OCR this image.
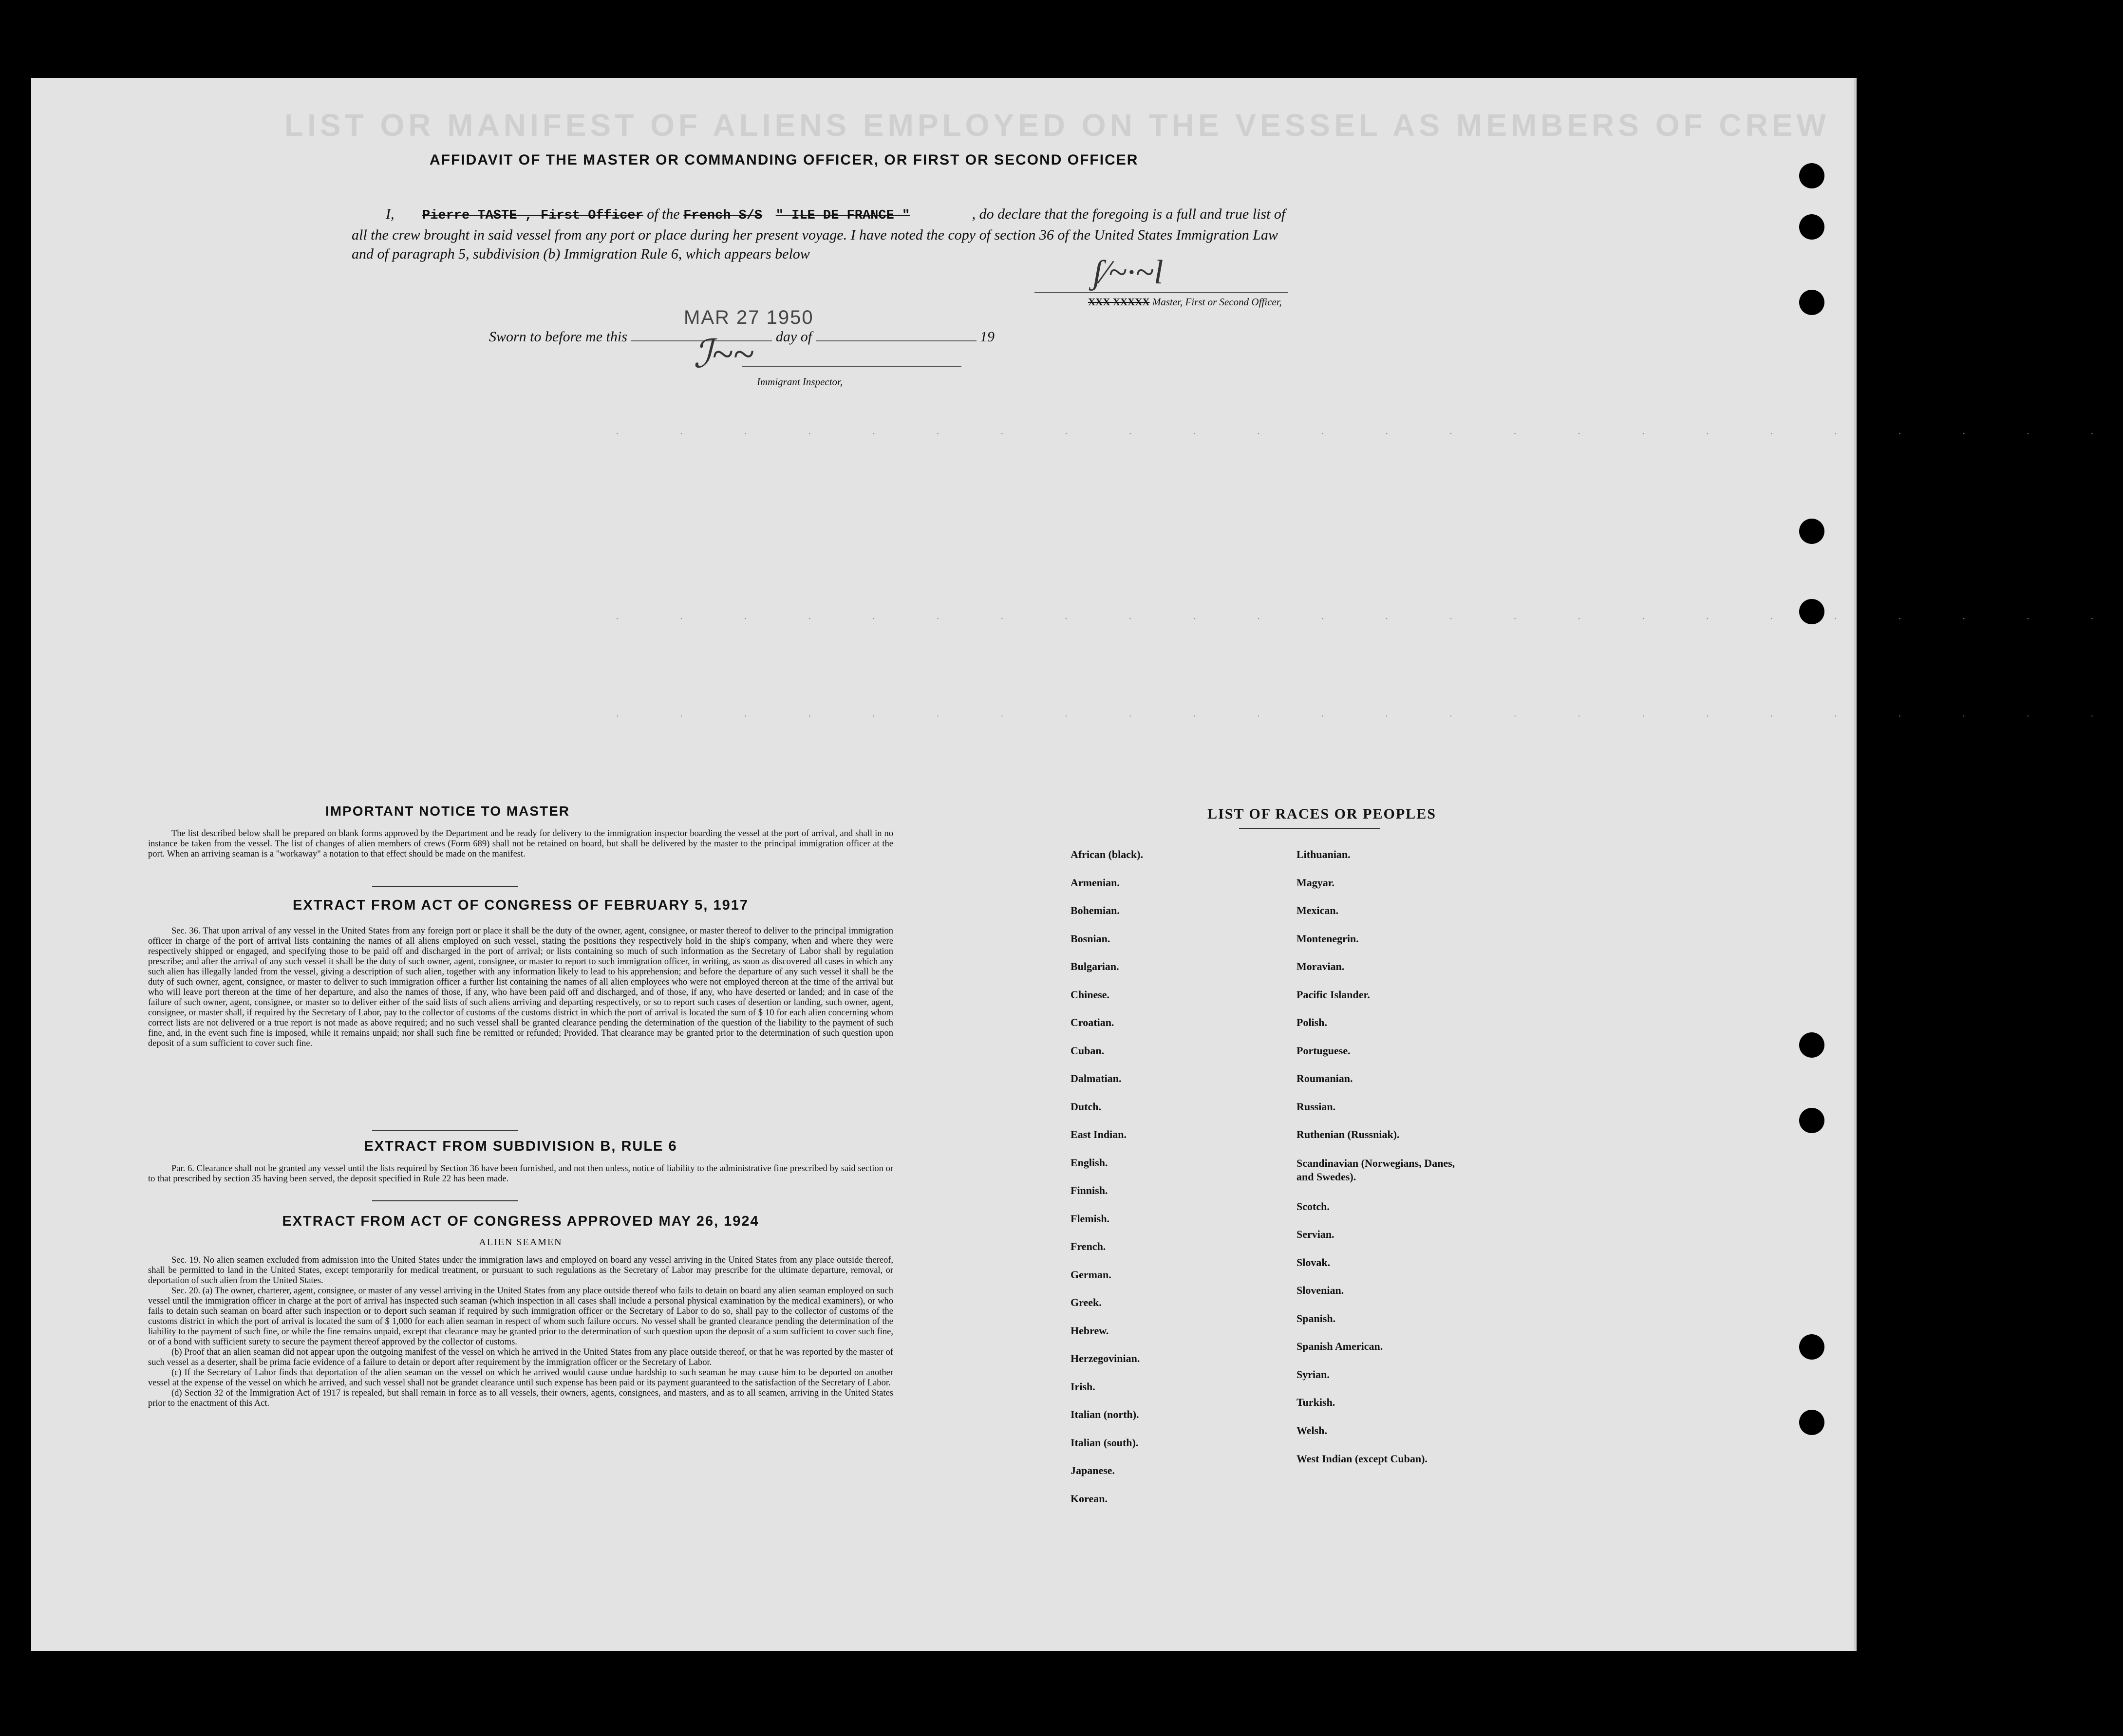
LIST OR MANIFEST OF ALIENS EMPLOYED ON THE VESSEL AS MEMBERS OF CREW
· · · · · · · · · · · · · · · · · · · · · · · ·
· · · · · · · · · · · · · · · · · · · · · · · ·
· · · · · · · · · · · · · · · · · · · · · · · ·
AFFIDAVIT OF THE MASTER OR COMMANDING OFFICER, OR FIRST OR SECOND OFFICER
I, Pierre TASTE , First Officer of the French S/S " ILE DE FRANCE "	, do declare that the foregoing is a full and true list of all the crew brought in said vessel from any port or place during her present voyage. I have noted the copy of section 36 of the United States Immigration Law and of paragraph 5, subdivision (b) Immigration Rule 6, which appears below	ʃ⁄~·~l
XXX XXXXX Master, First or Second Officer,
MAR 27 1950
Sworn to before me this	day of	19
ℐ~~
Immigrant Inspector,
IMPORTANT NOTICE TO MASTER

The list described below shall be prepared on blank forms approved by the Department and be ready for delivery to the immigration inspector boarding the vessel at the port of arrival, and shall in no instance be taken from the vessel. The list of changes of alien members of crews (Form 689) shall not be retained on board, but shall be delivered by the master to the principal immigration officer at the port. When an arriving seaman is a "workaway" a notation to that effect should be made on the manifest.

EXTRACT FROM ACT OF CONGRESS OF FEBRUARY 5, 1917

Sec. 36. That upon arrival of any vessel in the United States from any foreign port or place it shall be the duty of the owner, agent, consignee, or master thereof to deliver to the principal immigration officer in charge of the port of arrival lists containing the names of all aliens employed on such vessel, stating the positions they respectively hold in the ship's company, when and where they were respectively shipped or engaged, and specifying those to be paid off and discharged in the port of arrival; or lists containing so much of such information as the Secretary of Labor shall by regulation prescribe; and after the arrival of any such vessel it shall be the duty of such owner, agent, consignee, or master to report to such immigration officer, in writing, as soon as discovered all cases in which any such alien has illegally landed from the vessel, giving a description of such alien, together with any information likely to lead to his apprehension; and before the departure of any such vessel it shall be the duty of such owner, agent, consignee, or master to deliver to such immigration officer a further list containing the names of all alien employees who were not employed thereon at the time of the arrival but who will leave port thereon at the time of her departure, and also the names of those, if any, who have been paid off and discharged, and of those, if any, who have deserted or landed; and in case of the failure of such owner, agent, consignee, or master so to deliver either of the said lists of such aliens arriving and departing respectively, or so to report such cases of desertion or landing, such owner, agent, consignee, or master shall, if required by the Secretary of Labor, pay to the collector of customs of the customs district in which the port of arrival is located the sum of $ 10 for each alien concerning whom correct lists are not delivered or a true report is not made as above required; and no such vessel shall be granted clearance pending the determination of the question of the liability to the payment of such fine, and, in the event such fine is imposed, while it remains unpaid; nor shall such fine be remitted or refunded; Provided. That clearance may be granted prior to the determination of such question upon deposit of a sum sufficient to cover such fine.

EXTRACT FROM SUBDIVISION B, RULE 6

Par. 6. Clearance shall not be granted any vessel until the lists required by Section 36 have been furnished, and not then unless, notice of liability to the administrative fine prescribed by said section or to that prescribed by section 35 having been served, the deposit specified in Rule 22 has been made.

EXTRACT FROM ACT OF CONGRESS APPROVED MAY 26, 1924
ALIEN SEAMEN

Sec. 19. No alien seamen excluded from admission into the United States under the immigration laws and employed on board any vessel arriving in the United States from any place outside thereof, shall be permitted to land in the United States, except temporarily for medical treatment, or pursuant to such regulations as the Secretary of Labor may prescribe for the ultimate departure, removal, or deportation of such alien from the United States.

Sec. 20. (a) The owner, charterer, agent, consignee, or master of any vessel arriving in the United States from any place outside thereof who fails to detain on board any alien seaman employed on such vessel until the immigration officer in charge at the port of arrival has inspected such seaman (which inspection in all cases shall include a personal physical examination by the medical examiners), or who fails to detain such seaman on board after such inspection or to deport such seaman if required by such immigration officer or the Secretary of Labor to do so, shall pay to the collector of customs of the customs district in which the port of arrival is located the sum of $ 1,000 for each alien seaman in respect of whom such failure occurs. No vessel shall be granted clearance pending the determination of the liability to the payment of such fine, or while the fine remains unpaid, except that clearance may be granted prior to the determination of such question upon the deposit of a sum sufficient to cover such fine, or of a bond with sufficient surety to secure the payment thereof approved by the collector of customs.

(b) Proof that an alien seaman did not appear upon the outgoing manifest of the vessel on which he arrived in the United States from any place outside thereof, or that he was reported by the master of such vessel as a deserter, shall be prima facie evidence of a failure to detain or deport after requirement by the immigration officer or the Secretary of Labor.

(c) If the Secretary of Labor finds that deportation of the alien seaman on the vessel on which he arrived would cause undue hardship to such seaman he may cause him to be deported on another vessel at the expense of the vessel on which he arrived, and such vessel shall not be grandet clearance until such expense has been paid or its payment guaranteed to the satisfaction of the Secretary of Labor.

(d) Section 32 of the Immigration Act of 1917 is repealed, but shall remain in force as to all vessels, their owners, agents, consignees, and masters, and as to all seamen, arriving in the United States prior to the enactment of this Act.

LIST OF RACES OR PEOPLES
African (black).
Armenian.
Bohemian.
Bosnian.
Bulgarian.
Chinese.
Croatian.
Cuban.
Dalmatian.
Dutch.
East Indian.
English.
Finnish.
Flemish.
French.
German.
Greek.
Hebrew.
Herzegovinian.
Irish.
Italian (north).
Italian (south).
Japanese.
Korean.
Lithuanian.
Magyar.
Mexican.
Montenegrin.
Moravian.
Pacific Islander.
Polish.
Portuguese.
Roumanian.
Russian.
Ruthenian (Russniak).
Scandinavian (Norwegians, Danes, and Swedes).
Scotch.
Servian.
Slovak.
Slovenian.
Spanish.
Spanish American.
Syrian.
Turkish.
Welsh.
West Indian (except Cuban).
